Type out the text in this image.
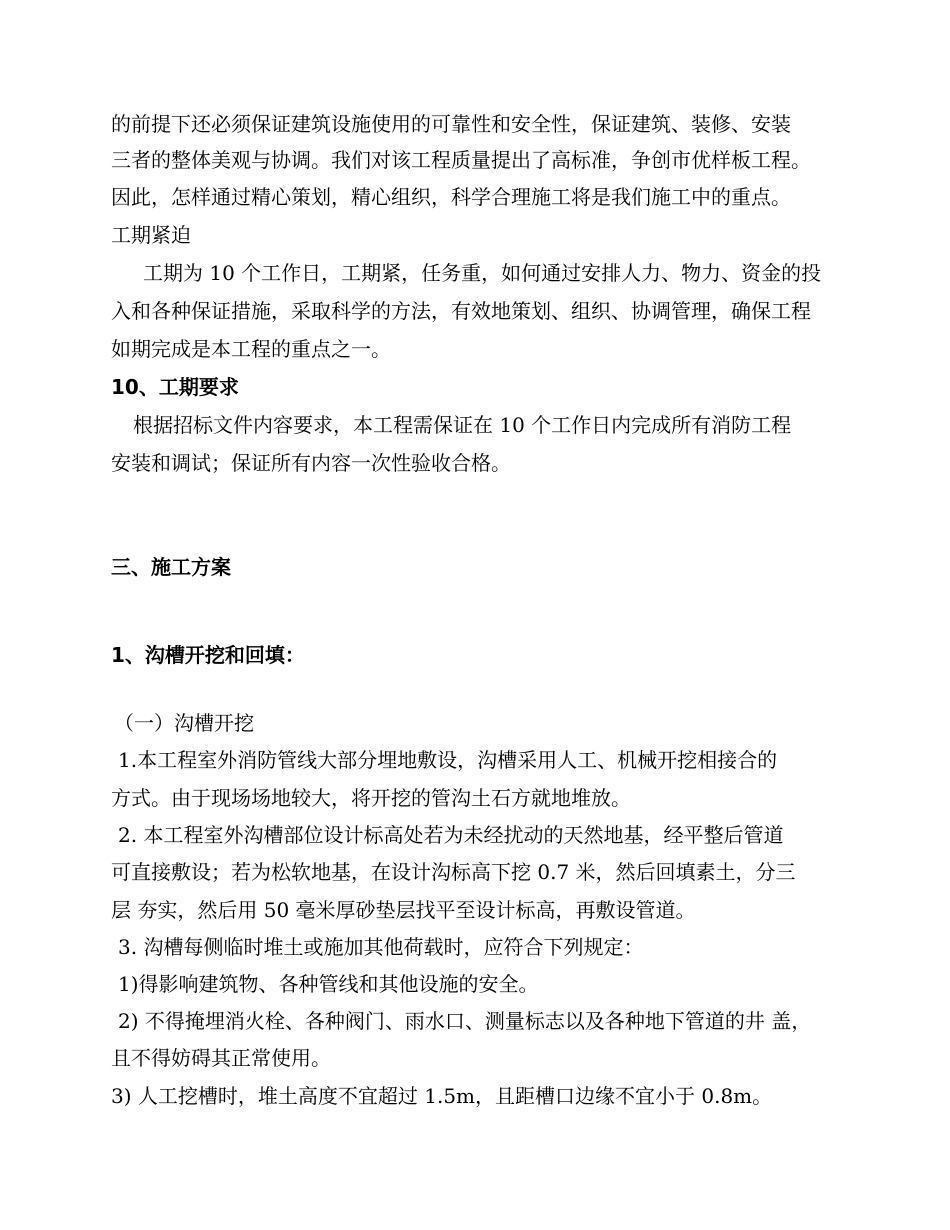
的前提下还必须保证建筑设施使用的可靠性和安全性，保证建筑、装修、安装
三者的整体美观与协调。我们对该工程质量提出了高标准，争创市优样板工程。
因此，怎样通过精心策划，精心组织，科学合理施工将是我们施工中的重点。
工期紧迫
工期为 10 个工作日，工期紧，任务重，如何通过安排人力、物力、资金的投
入和各种保证措施，采取科学的方法，有效地策划、组织、协调管理，确保工程
如期完成是本工程的重点之一。
10、工期要求
根据招标文件内容要求，本工程需保证在 10 个工作日内完成所有消防工程
安装和调试；保证所有内容一次性验收合格。
三、施工方案
1、沟槽开挖和回填：
（一）沟槽开挖
1.本工程室外消防管线大部分埋地敷设，沟槽采用人工、机械开挖相接合的
方式。由于现场场地较大，将开挖的管沟土石方就地堆放。
2. 本工程室外沟槽部位设计标高处若为未经扰动的天然地基，经平整后管道
可直接敷设；若为松软地基，在设计沟标高下挖 0.7 米，然后回填素土，分三
层 夯实，然后用 50 毫米厚砂垫层找平至设计标高，再敷设管道。
3. 沟槽每侧临时堆土或施加其他荷载时，应符合下列规定：
1)得影响建筑物、各种管线和其他设施的安全。
2) 不得掩埋消火栓、各种阀门、雨水口、测量标志以及各种地下管道的井 盖，
且不得妨碍其正常使用。
3) 人工挖槽时，堆土高度不宜超过 1.5m，且距槽口边缘不宜小于 0.8m。
